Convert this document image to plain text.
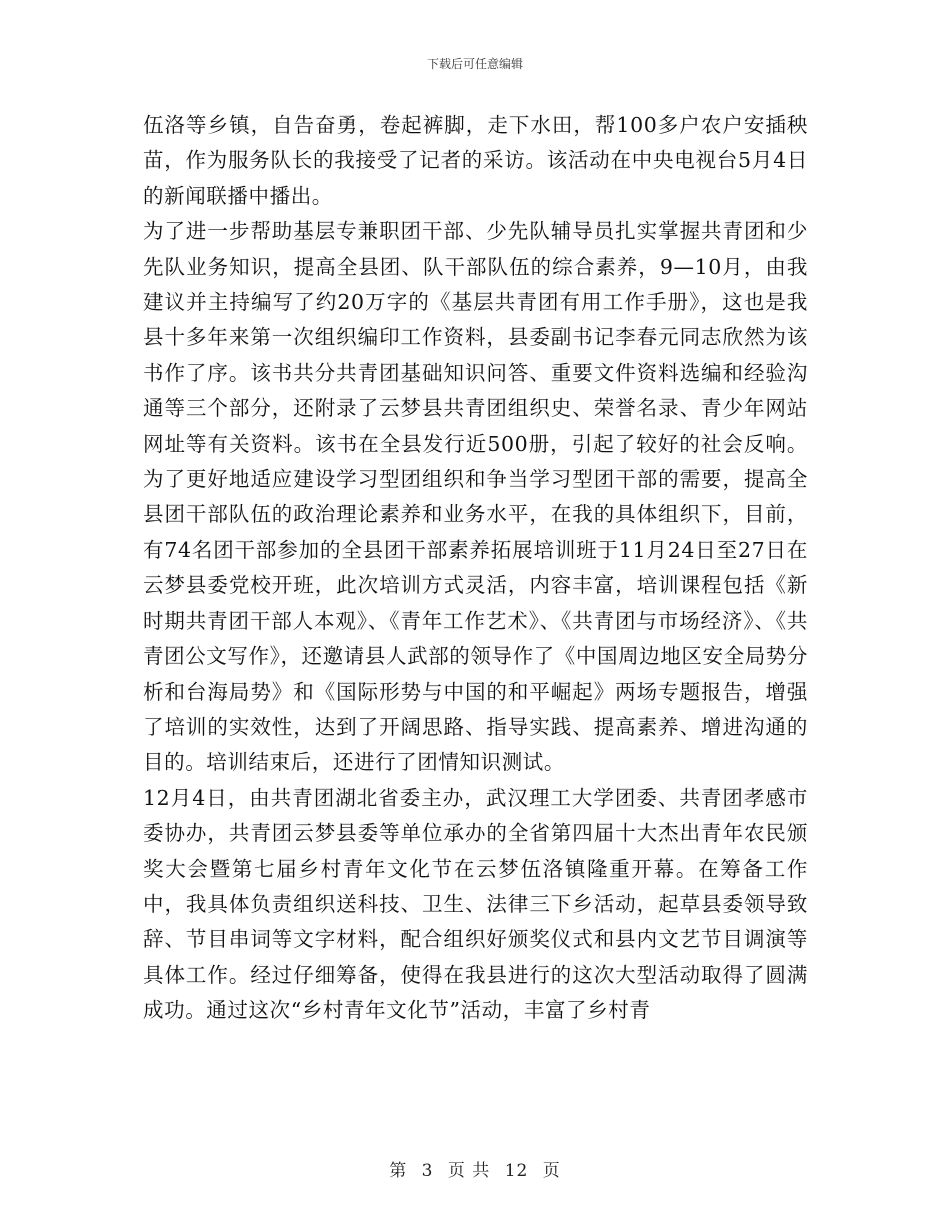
下载后可任意编辑

伍洛等乡镇，自告奋勇，卷起裤脚，走下水田，帮100多户农户安插秧苗，作为服务队长的我接受了记者的采访。该活动在中央电视台5月4日的新闻联播中播出。

为了进一步帮助基层专兼职团干部、少先队辅导员扎实掌握共青团和少先队业务知识，提高全县团、队干部队伍的综合素养，9—10月，由我建议并主持编写了约20万字的《基层共青团有用工作手册》，这也是我县十多年来第一次组织编印工作资料，县委副书记李春元同志欣然为该书作了序。该书共分共青团基础知识问答、重要文件资料选编和经验沟通等三个部分，还附录了云梦县共青团组织史、荣誉名录、青少年网站网址等有关资料。该书在全县发行近500册，引起了较好的社会反响。为了更好地适应建设学习型团组织和争当学习型团干部的需要，提高全县团干部队伍的政治理论素养和业务水平，在我的具体组织下，目前，有74名团干部参加的全县团干部素养拓展培训班于11月24日至27日在云梦县委党校开班，此次培训方式灵活，内容丰富，培训课程包括《新时期共青团干部人本观》、《青年工作艺术》、《共青团与市场经济》、《共青团公文写作》，还邀请县人武部的领导作了《中国周边地区安全局势分析和台海局势》和《国际形势与中国的和平崛起》两场专题报告，增强了培训的实效性，达到了开阔思路、指导实践、提高素养、增进沟通的目的。培训结束后，还进行了团情知识测试。

12月4日，由共青团湖北省委主办，武汉理工大学团委、共青团孝感市委协办，共青团云梦县委等单位承办的全省第四届十大杰出青年农民颁奖大会暨第七届乡村青年文化节在云梦伍洛镇隆重开幕。在筹备工作中，我具体负责组织送科技、卫生、法律三下乡活动，起草县委领导致辞、节目串词等文字材料，配合组织好颁奖仪式和县内文艺节目调演等具体工作。经过仔细筹备，使得在我县进行的这次大型活动取得了圆满成功。通过这次“乡村青年文化节”活动，丰富了乡村青

第 3 页 共 12 页
